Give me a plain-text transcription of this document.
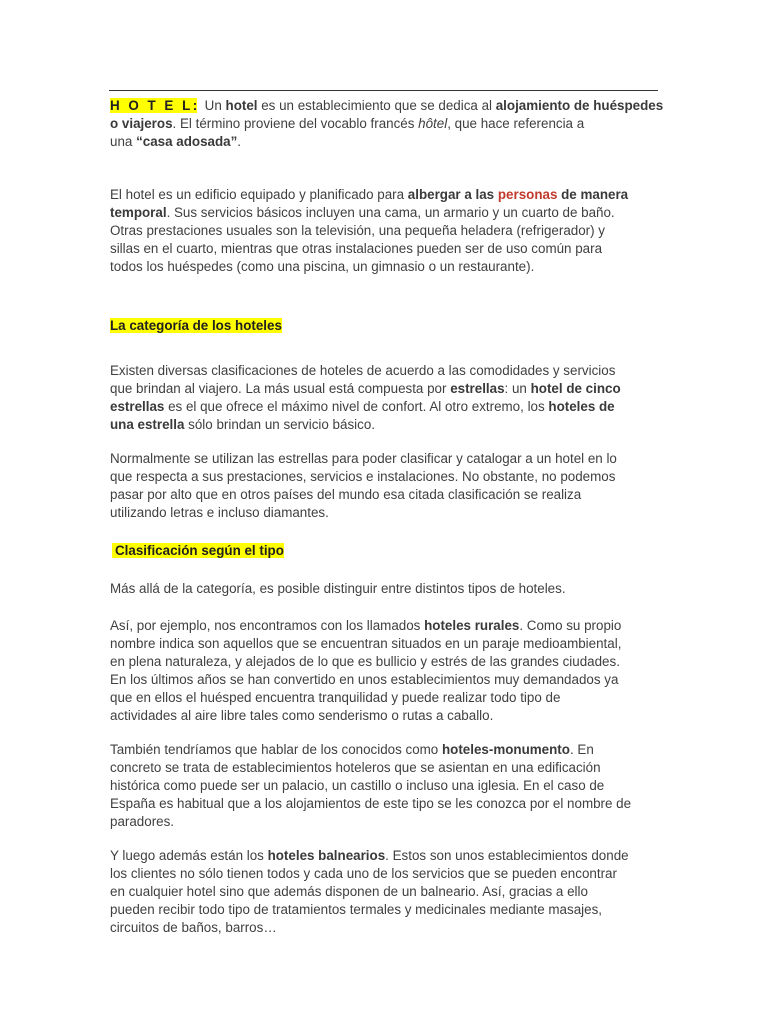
H O T E L:  Un hotel es un establecimiento que se dedica al alojamiento de huéspedes
o viajeros. El término proviene del vocablo francés hôtel, que hace referencia a
una “casa adosada”.

El hotel es un edificio equipado y planificado para albergar a las personas de manera
temporal. Sus servicios básicos incluyen una cama, un armario y un cuarto de baño.
Otras prestaciones usuales son la televisión, una pequeña heladera (refrigerador) y
sillas en el cuarto, mientras que otras instalaciones pueden ser de uso común para
todos los huéspedes (como una piscina, un gimnasio o un restaurante).

La categoría de los hoteles

Existen diversas clasificaciones de hoteles de acuerdo a las comodidades y servicios
que brindan al viajero. La más usual está compuesta por estrellas: un hotel de cinco
estrellas es el que ofrece el máximo nivel de confort. Al otro extremo, los hoteles de
una estrella sólo brindan un servicio básico.

Normalmente se utilizan las estrellas para poder clasificar y catalogar a un hotel en lo
que respecta a sus prestaciones, servicios e instalaciones. No obstante, no podemos
pasar por alto que en otros países del mundo esa citada clasificación se realiza
utilizando letras e incluso diamantes.

Clasificación según el tipo

Más allá de la categoría, es posible distinguir entre distintos tipos de hoteles.

Así, por ejemplo, nos encontramos con los llamados hoteles rurales. Como su propio
nombre indica son aquellos que se encuentran situados en un paraje medioambiental,
en plena naturaleza, y alejados de lo que es bullicio y estrés de las grandes ciudades.
En los últimos años se han convertido en unos establecimientos muy demandados ya
que en ellos el huésped encuentra tranquilidad y puede realizar todo tipo de
actividades al aire libre tales como senderismo o rutas a caballo.

También tendríamos que hablar de los conocidos como hoteles-monumento. En
concreto se trata de establecimientos hoteleros que se asientan en una edificación
histórica como puede ser un palacio, un castillo o incluso una iglesia. En el caso de
España es habitual que a los alojamientos de este tipo se les conozca por el nombre de
paradores.

Y luego además están los hoteles balnearios. Estos son unos establecimientos donde
los clientes no sólo tienen todos y cada uno de los servicios que se pueden encontrar
en cualquier hotel sino que además disponen de un balneario. Así, gracias a ello
pueden recibir todo tipo de tratamientos termales y medicinales mediante masajes,
circuitos de baños, barros…
